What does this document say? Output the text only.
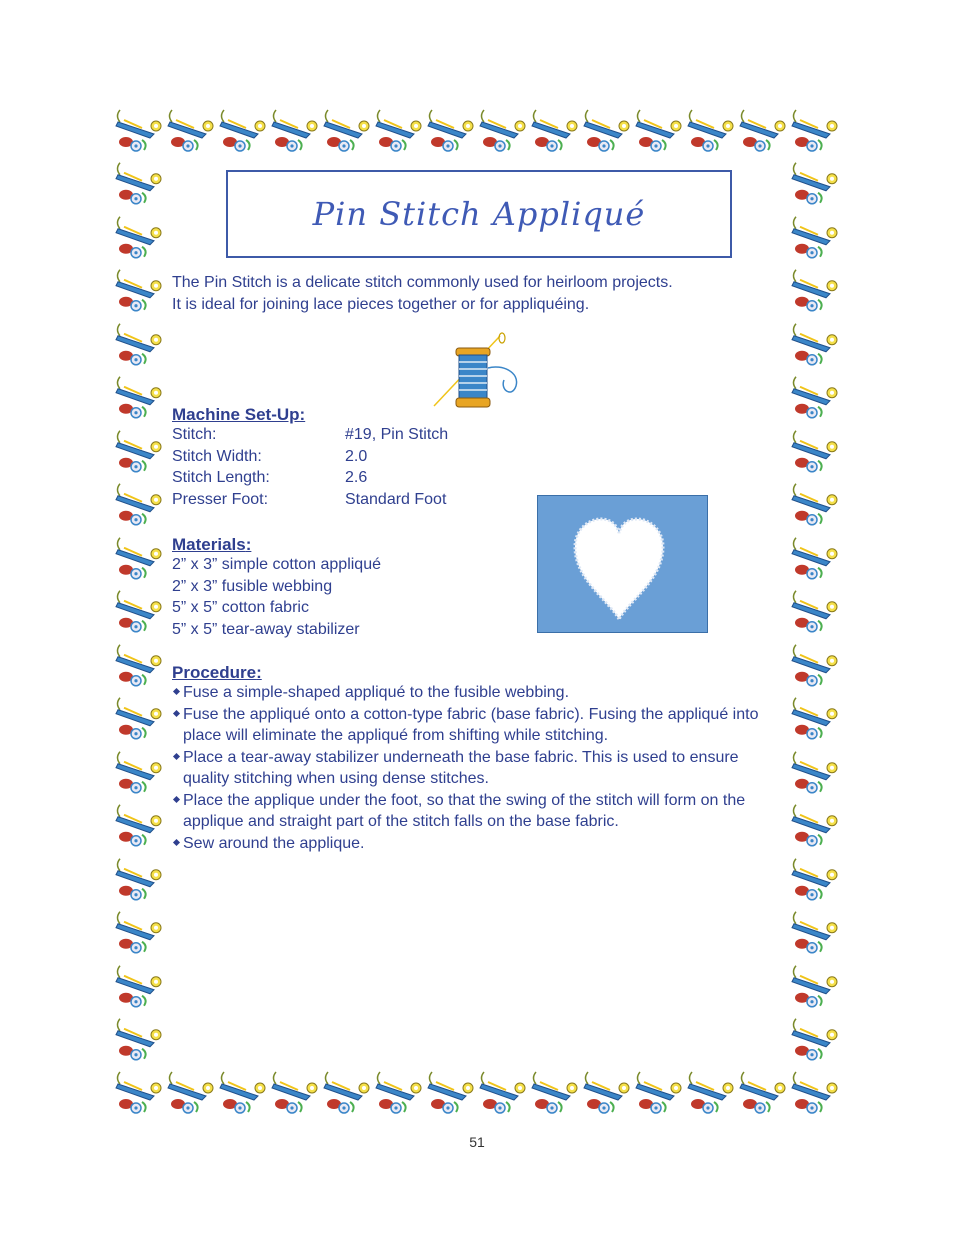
Pin Stitch Appliqué

The Pin Stitch is a delicate stitch commonly used for heirloom projects.

It is ideal for joining lace pieces together or for appliquéing.

Machine Set-Up:
Stitch:
Stitch Width:
Stitch Length:
Presser Foot:
#19, Pin Stitch
2.0
2.6
Standard Foot
Materials:
2” x 3” simple cotton appliqué
2” x 3” fusible webbing
5” x 5” cotton fabric
5” x 5” tear-away stabilizer
Procedure:
Fuse a simple-shaped appliqué to the fusible webbing.
Fuse the appliqué onto a cotton-type fabric (base fabric). Fusing the appliqué into place will eliminate the appliqué from shifting while stitching.
Place a tear-away stabilizer underneath the base fabric. This is used to ensure quality stitching when using dense stitches.
Place the applique under the foot, so that the swing of the stitch will form on the applique and straight part of the stitch falls on the base fabric.
Sew around the applique.
51
